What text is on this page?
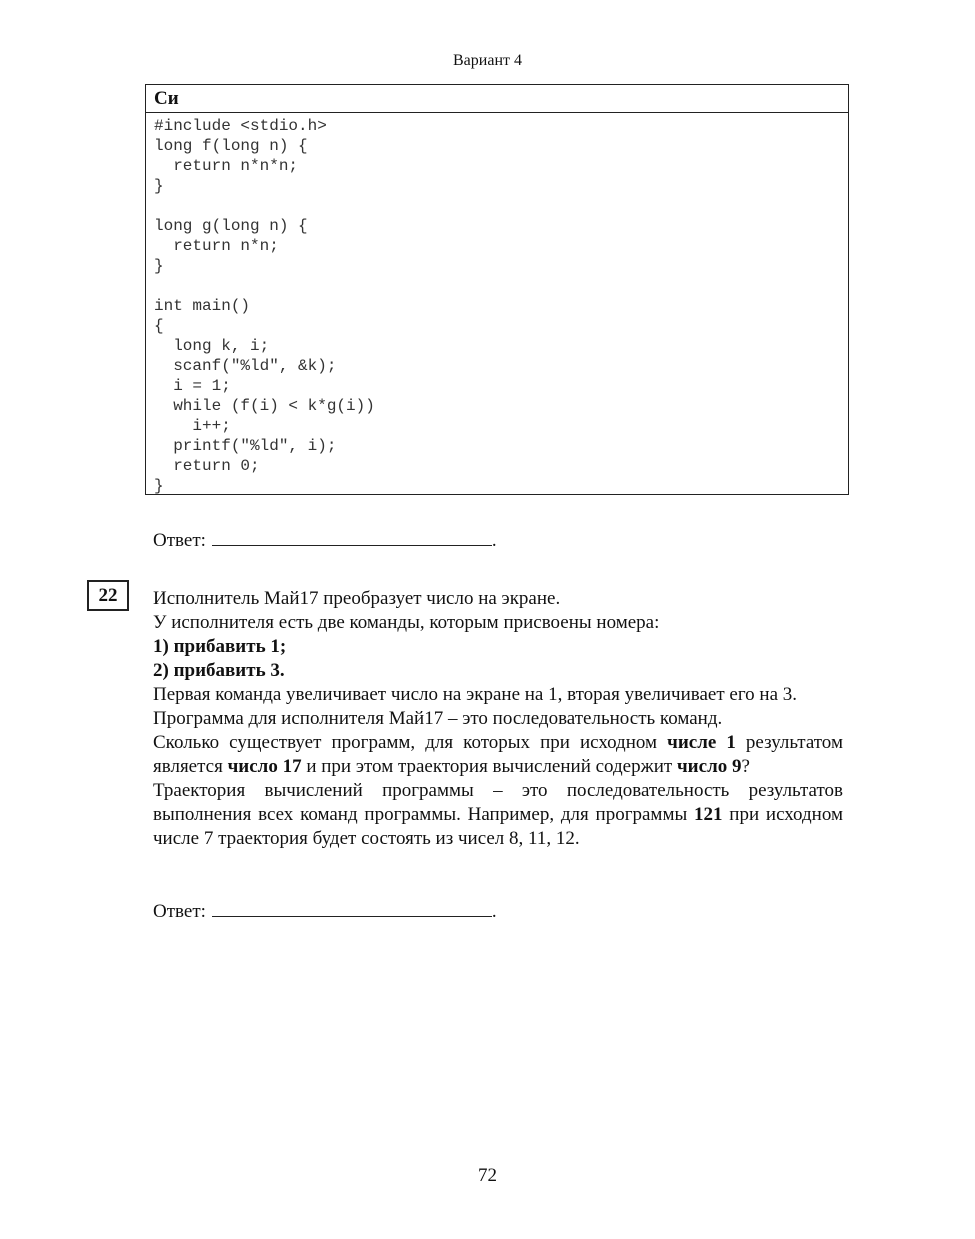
Вариант 4
Си
#include <stdio.h>
long f(long n) {
return n*n*n;
}

long g(long n) {
return n*n;
}

int main()
{
long k, i;
scanf("%ld", &k);
i = 1;
while (f(i) < k*g(i))
i++;
printf("%ld", i);
return 0;
}
Ответ:	.
22	Исполнитель Май17 преобразует число на экране.

У исполнителя есть две команды, которым присвоены номера:

1) прибавить 1;

2) прибавить 3.

Первая команда увеличивает число на экране на 1, вторая увеличивает его на 3.

Программа для исполнителя Май17 – это последовательность команд.

Сколько существует программ, для которых при исходном числе 1 результатом является число 17 и при этом траектория вычислений содержит число 9?

Траектория вычислений программы – это последовательность результатов выполнения всех команд программы. Например, для программы 121 при исходном числе 7 траектория будет состоять из чисел 8, 11, 12.

Ответ:	.
72
